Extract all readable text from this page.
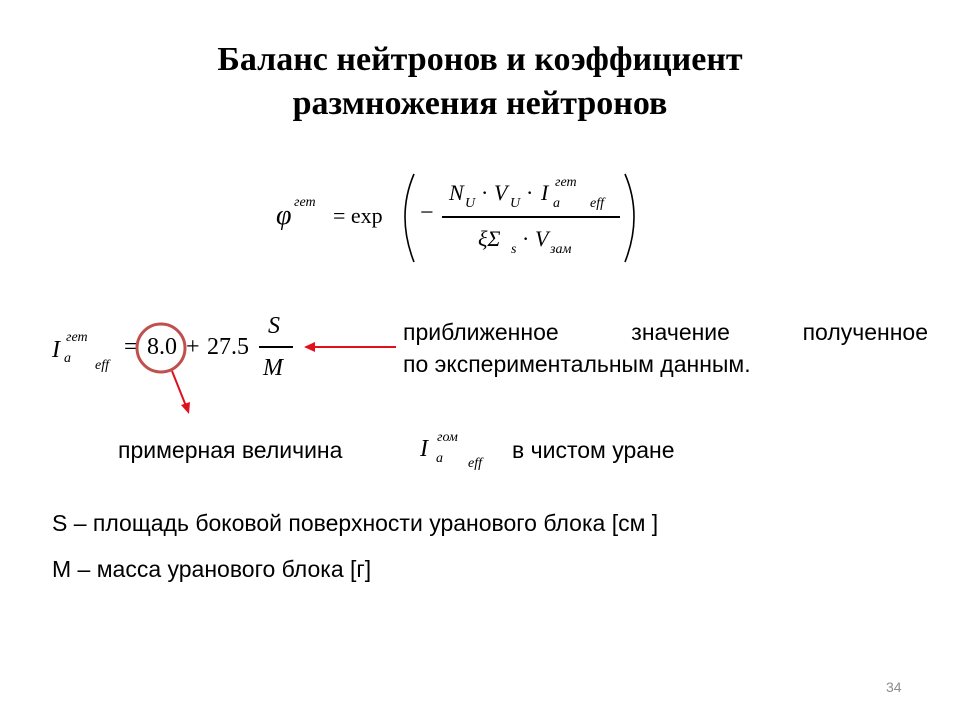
Баланс нейтронов и коэффициент
размножения нейтронов
φ гет
= exp −
N U · V U · I гет
a eff
ξΣ s · V зам
I гет
a eff
= 8.0 + 27.5
S
M
приближенное	значение	полученное
по экспериментальным данным.
примерная величина	I гом
a eff
в чистом уране
S – площадь боковой поверхности уранового блока [см ]
M – масса уранового блока [г]
34
